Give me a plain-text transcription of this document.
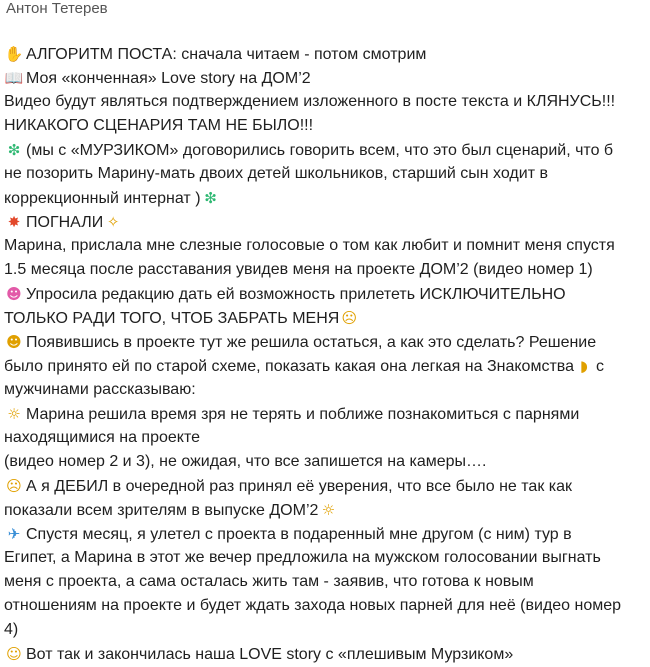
Антон Тетерев
✋ АЛГОРИТМ ПОСТА: сначала читаем - потом смотрим
📖 Моя «конченная» Love story на ДОМ’2
Видео будут являться подтверждением изложенного в посте текста и КЛЯНУСЬ!!!
НИКАКОГО СЦЕНАРИЯ ТАМ НЕ БЫЛО!!!
❇ (мы с «МУРЗИКОМ» договорились говорить всем, что это был сценарий, что б
не позорить Марину-мать двоих детей школьников, старший сын ходит в
коррекционный интернат ) ❇
✸ ПОГНАЛИ ✧
Марина, прислала мне слезные голосовые о том как любит и помнит меня спустя
1.5 месяца после расставания увидев меня на проекте ДОМ’2 (видео номер 1)
☻ Упросила редакцию дать ей возможность прилететь ИСКЛЮЧИТЕЛЬНО
ТОЛЬКО РАДИ ТОГО, ЧТОБ ЗАБРАТЬ МЕНЯ ☹
☻ Появившись в проекте тут же решила остаться, а как это сделать? Решение
было принято ей по старой схеме, показать какая она легкая на Знакомства ◗ с
мужчинами рассказываю:
☼ Марина решила время зря не терять и поближе познакомиться с парнями
находящимися на проекте
(видео номер 2 и 3), не ожидая, что все запишется на камеры….
☹ А я ДЕБИЛ в очередной раз принял её уверения, что все было не так как
показали всем зрителям в выпуске ДОМ’2 ☼
✈ Спустя месяц, я улетел с проекта в подаренный мне другом (с ним) тур в
Египет, а Марина в этот же вечер предложила на мужском голосовании выгнать
меня с проекта, а сама осталась жить там - заявив, что готова к новым
отношениям на проекте и будет ждать захода новых парней для неё (видео номер
4)
☺ Вот так и закончилась наша LOVE story с «плешивым Мурзиком»
